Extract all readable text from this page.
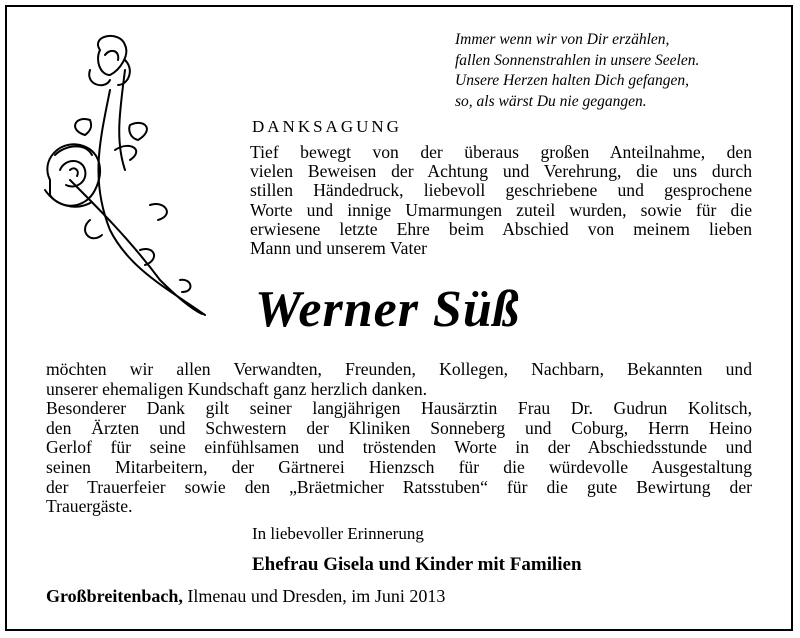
Immer wenn wir von Dir erzählen,
fallen Sonnenstrahlen in unsere Seelen.
Unsere Herzen halten Dich gefangen,
so, als wärst Du nie gegangen.
DANKSAGUNG
Tief bewegt von der überaus großen Anteilnahme, den
vielen Beweisen der Achtung und Verehrung, die uns durch
stillen Händedruck, liebevoll geschriebene und gesprochene
Worte und innige Umarmungen zuteil wurden, sowie für die
erwiesene letzte Ehre beim Abschied von meinem lieben
Mann und unserem Vater
Werner Süß
möchten wir allen Verwandten, Freunden, Kollegen, Nachbarn, Bekannten und
unserer ehemaligen Kundschaft ganz herzlich danken.
Besonderer Dank gilt seiner langjährigen Hausärztin Frau Dr. Gudrun Kolitsch,
den Ärzten und Schwestern der Kliniken Sonneberg und Coburg, Herrn Heino
Gerlof für seine einfühlsamen und tröstenden Worte in der Abschiedsstunde und
seinen Mitarbeitern, der Gärtnerei Hienzsch für die würdevolle Ausgestaltung
der Trauerfeier sowie den „Bräetmicher Ratsstuben“ für die gute Bewirtung der
Trauergäste.
In liebevoller Erinnerung
Ehefrau Gisela und Kinder mit Familien
Großbreitenbach, Ilmenau und Dresden, im Juni 2013
